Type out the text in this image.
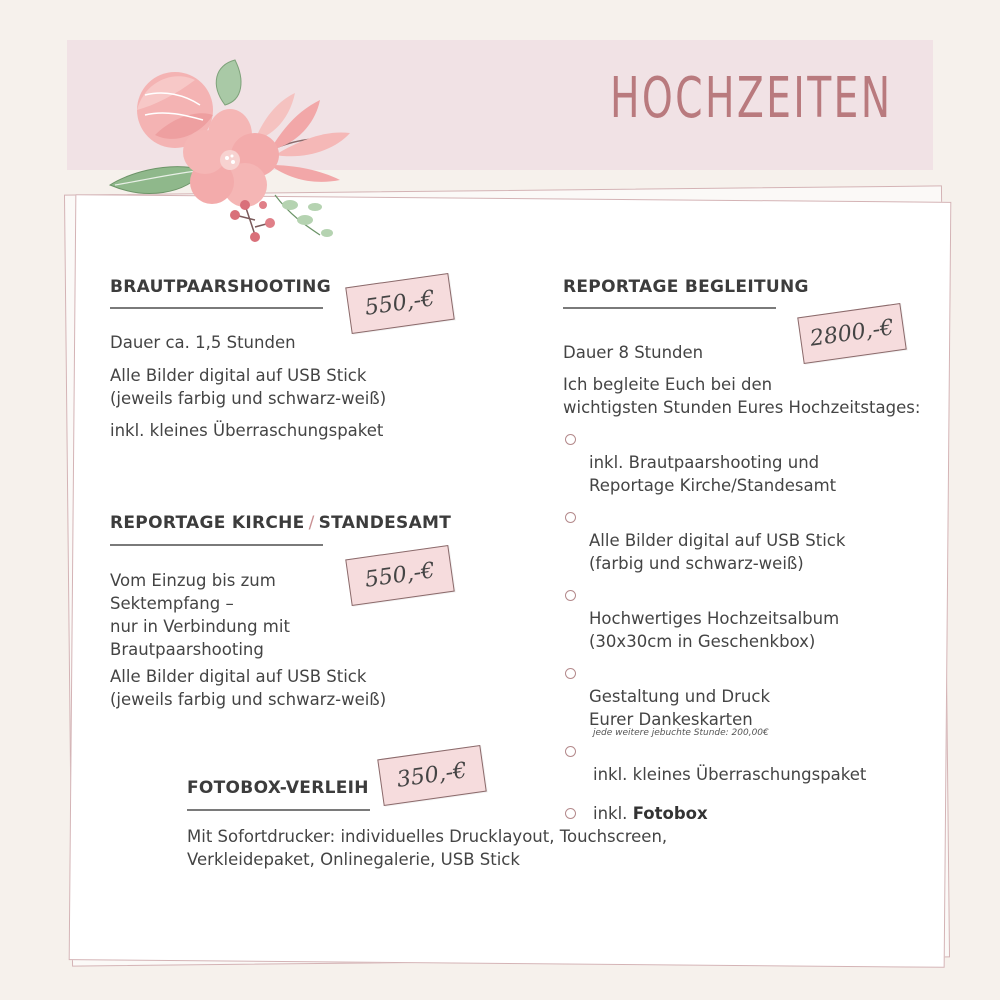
HOCHZEITEN
BRAUTPAARSHOOTING	550,-€
Dauer ca. 1,5 Stunden
Alle Bilder digital auf USB Stick
(jeweils farbig und schwarz-weiß)
inkl. kleines Überraschungspaket
REPORTAGE KIRCHE / STANDESAMT
550,-€
Vom Einzug bis zum
Sektempfang –
nur in Verbindung mit
Brautpaarshooting
Alle Bilder digital auf USB Stick
(jeweils farbig und schwarz-weiß)
REPORTAGE BEGLEITUNG
2800,-€
Dauer 8 Stunden
Ich begleite Euch bei den
wichtigsten Stunden Eures Hochzeitstages:

inkl. Brautpaarshooting und
Reportage Kirche/Standesamt

Alle Bilder digital auf USB Stick
(farbig und schwarz-weiß)

Hochwertiges Hochzeitsalbum
(30x30cm in Geschenkbox)

Gestaltung und Druck
Eurer Dankeskarten

inkl. kleines Überraschungspaket

inkl. Fotobox
jede weitere jebuchte Stunde: 200,00€
FOTOBOX-VERLEIH	350,-€
Mit Sofortdrucker: individuelles Drucklayout, Touchscreen,
Verkleidepaket, Onlinegalerie, USB Stick
